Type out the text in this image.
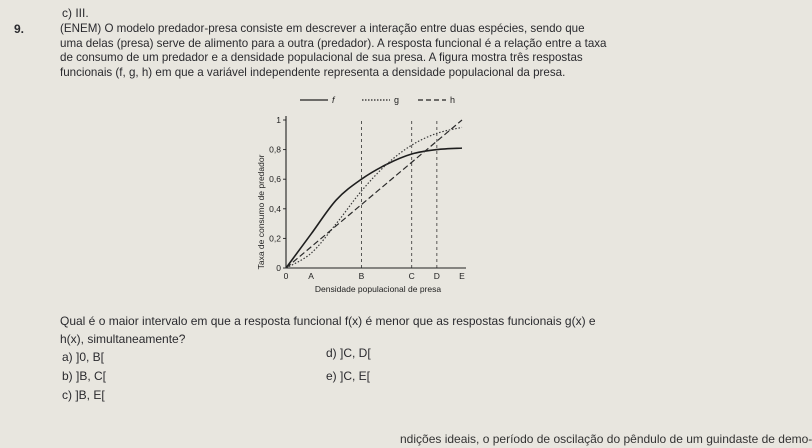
c) III.
9.	(ENEM) O modelo predador-presa consiste em descrever a interação entre duas espécies, sendo que
uma delas (presa) serve de alimento para a outra (predador). A resposta funcional é a relação entre a taxa
de consumo de um predador e a densidade populacional de sua presa. A figura mostra três respostas
funcionais (f, g, h) em que a variável independente representa a densidade populacional da presa.
f	g	h
Taxa de consumo de predador
Densidade populacional de presa
0
0,2
0,4
0,6
0,8
1
0 A	B	C D E
Qual é o maior intervalo em que a resposta funcional f(x) é menor que as respostas funcionais g(x) e
h(x), simultaneamente?
a) ]0, B[
b) ]B, C[
c) ]B, E[
d) ]C, D[
e) ]C, E[
ndições ideais, o período de oscilação do pêndulo de um guindaste de demo-
